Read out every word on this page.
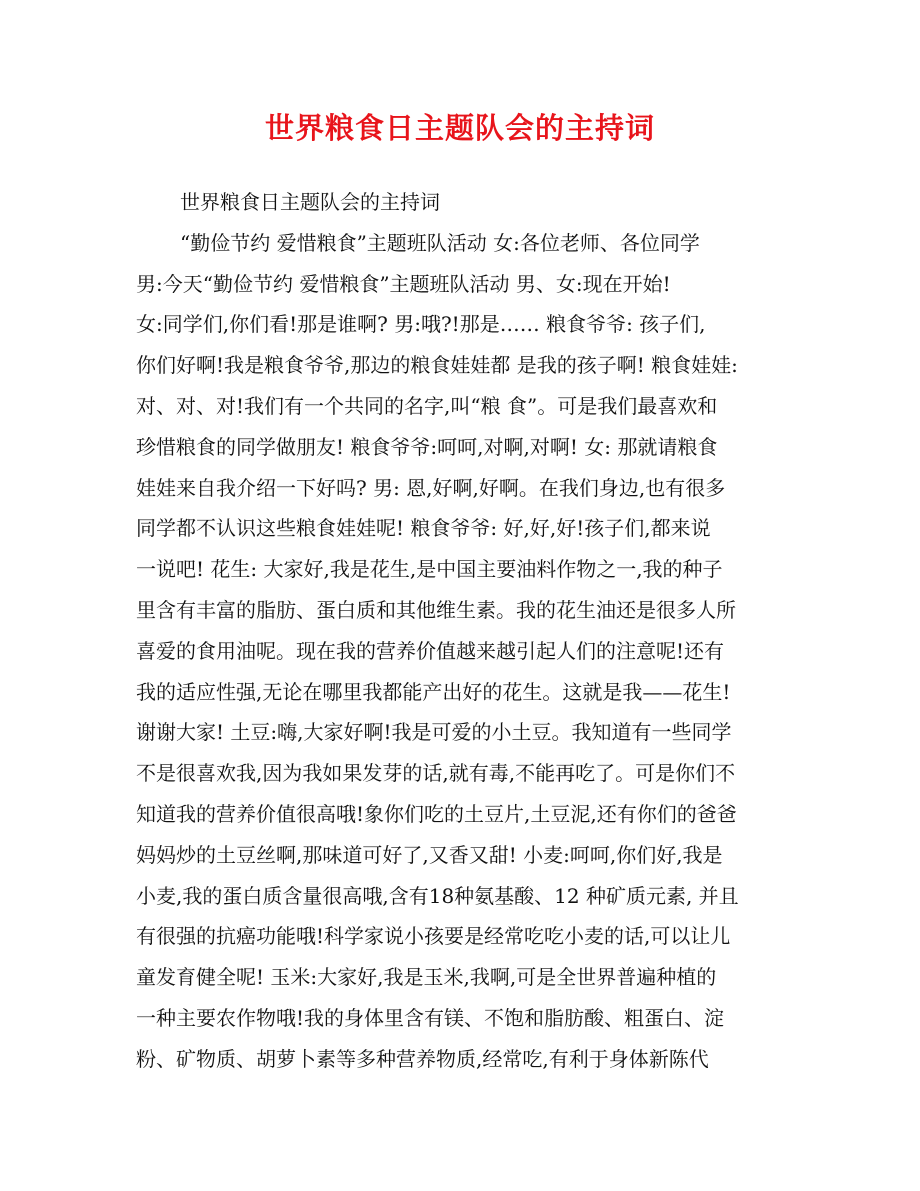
世界粮食日主题队会的主持词
世界粮食日主题队会的主持词
“勤俭节约 爱惜粮食”主题班队活动 女:各位老师、各位同学
男:今天“勤俭节约 爱惜粮食”主题班队活动 男、女:现在开始!
女:同学们,你们看!那是谁啊? 男:哦?!那是…… 粮食爷爷: 孩子们,
你们好啊!我是粮食爷爷,那边的粮食娃娃都 是我的孩子啊! 粮食娃娃:
对、对、对!我们有一个共同的名字,叫“粮 食”。可是我们最喜欢和
珍惜粮食的同学做朋友! 粮食爷爷:呵呵,对啊,对啊! 女: 那就请粮食
娃娃来自我介绍一下好吗? 男: 恩,好啊,好啊。在我们身边,也有很多
同学都不认识这些粮食娃娃呢! 粮食爷爷: 好,好,好!孩子们,都来说
一说吧! 花生: 大家好,我是花生,是中国主要油料作物之一,我的种子
里含有丰富的脂肪、蛋白质和其他维生素。我的花生油还是很多人所
喜爱的食用油呢。现在我的营养价值越来越引起人们的注意呢!还有
我的适应性强,无论在哪里我都能产出好的花生。这就是我——花生!
谢谢大家! 土豆:嗨,大家好啊!我是可爱的小土豆。我知道有一些同学
不是很喜欢我,因为我如果发芽的话,就有毒,不能再吃了。可是你们不
知道我的营养价值很高哦!象你们吃的土豆片,土豆泥,还有你们的爸爸
妈妈炒的土豆丝啊,那味道可好了,又香又甜! 小麦:呵呵,你们好,我是
小麦,我的蛋白质含量很高哦,含有18种氨基酸、12 种矿质元素, 并且
有很强的抗癌功能哦!科学家说小孩要是经常吃吃小麦的话,可以让儿
童发育健全呢! 玉米:大家好,我是玉米,我啊,可是全世界普遍种植的
一种主要农作物哦!我的身体里含有镁、不饱和脂肪酸、粗蛋白、淀
粉、矿物质、胡萝卜素等多种营养物质,经常吃,有利于身体新陈代
